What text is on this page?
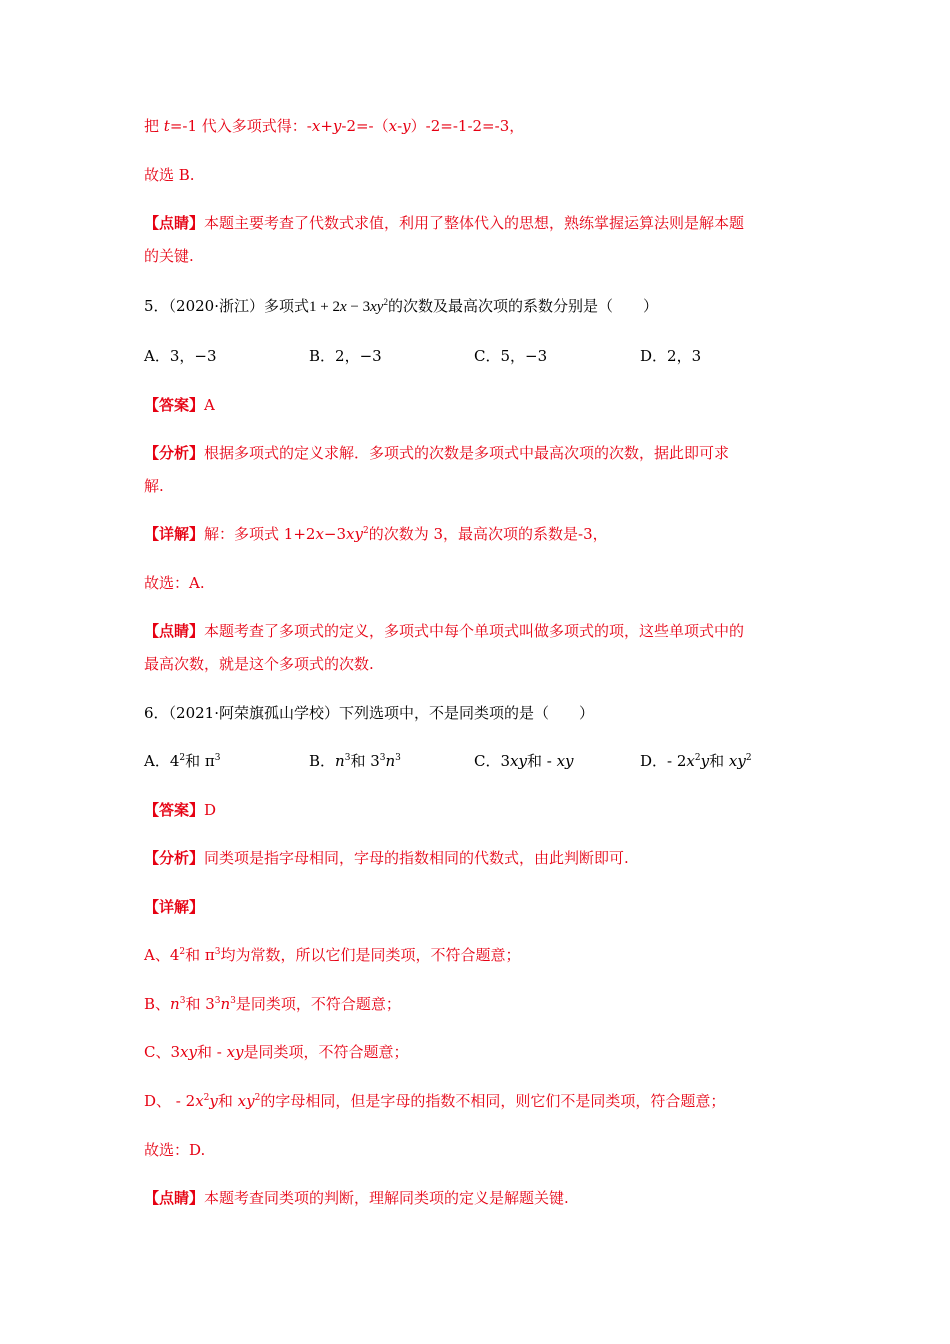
把 t=-1 代入多项式得：-x+y-2=-（x-y）-2=-1-2=-3，
故选 B.
【点睛】本题主要考查了代数式求值，利用了整体代入的思想，熟练掌握运算法则是解本题
的关键.
5．（2020·浙江）多项式$1 + 2x - 3xy^2$的次数及最高次项的系数分别是（　　）
A．3，−3	B．2，−3	C．5，−3	D．2，3
【答案】A
【分析】根据多项式的定义求解．多项式的次数是多项式中最高次项的次数，据此即可求
解.
【详解】解：多项式 $1+2x-3xy^2$的次数为 3，最高次项的系数是-3，
故选：A.
【点睛】本题考查了多项式的定义，多项式中每个单项式叫做多项式的项，这些单项式中的
最高次数，就是这个多项式的次数.
6．（2021·阿荣旗孤山学校）下列选项中，不是同类项的是（　　）
A．$4^2$和 $\pi^3$	B．$n^3$和 $3^3n^3$	C．3xy和 - xy	D．- $2x^2y$和 $xy^2$
【答案】D
【分析】同类项是指字母相同，字母的指数相同的代数式，由此判断即可.
【详解】
A、$4^2$和 $\pi^3$均为常数，所以它们是同类项，不符合题意；
B、$n^3$和 $3^3n^3$是同类项，不符合题意；
C、3xy和 - xy是同类项，不符合题意；
D、 - $2x^2y$和 $xy^2$的字母相同，但是字母的指数不相同，则它们不是同类项，符合题意；
故选：D.
【点睛】本题考查同类项的判断，理解同类项的定义是解题关键.
